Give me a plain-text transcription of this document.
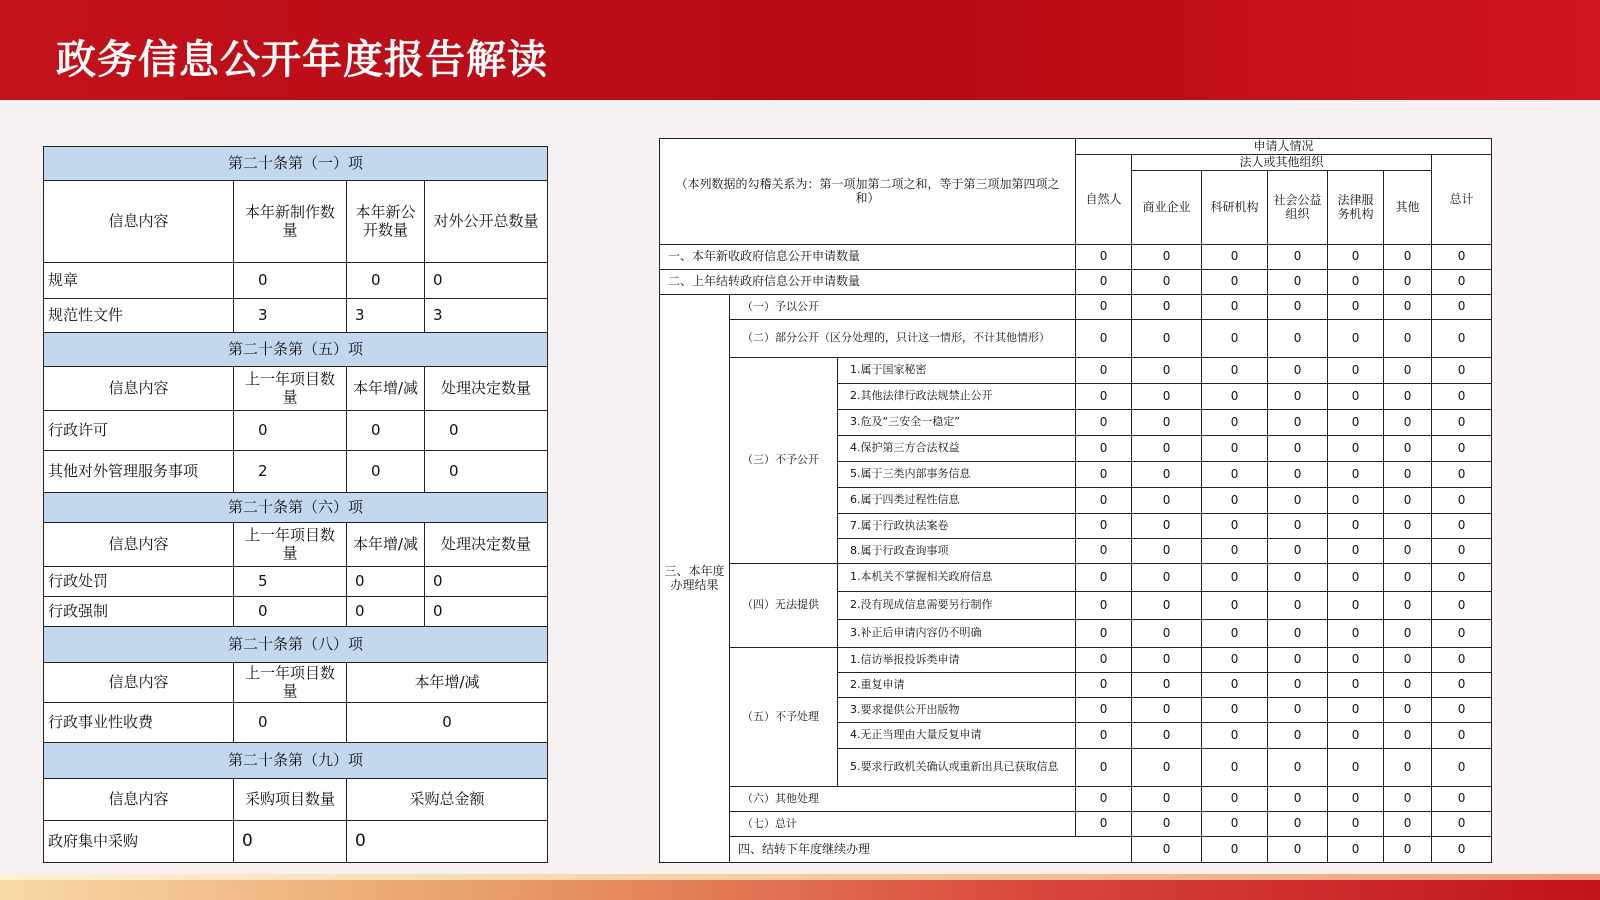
政务信息公开年度报告解读
第二十条第（一）项			
信息内容	本年新制作数量	本年新公开数量	对外公开总数量
规章	0	0	0
规范性文件	3	3	3
第二十条第（五）项			
信息内容	上一年项目数量	本年增/减	处理决定数量
行政许可	0	0	0
其他对外管理服务事项	2	0	0
第二十条第（六）项			
信息内容	上一年项目数量	本年增/减	处理决定数量
行政处罚	5	0	0
行政强制	0	0	0
第二十条第（八）项			
信息内容	上一年项目数量	本年增/减	
行政事业性收费	0	0	
第二十条第（九）项			
信息内容	采购项目数量	采购总金额	
政府集中采购	0	0	
（本列数据的勾稽关系为：第一项加第二项之和，等于第三项加第四项之和）			申请人情况							
			自然人	法人或其他组织					总计	
				商业企业	科研机构	社会公益组织	法律服务机构	其他		
一、本年新收政府信息公开申请数量			0	0	0	0	0	0	0	
二、上年结转政府信息公开申请数量			0	0	0	0	0	0	0	
三、本年度办理结果	（一）予以公开		0	0	0	0	0	0	0	
	（二）部分公开（区分处理的，只计这一情形，不计其他情形）		0	0	0	0	0	0	0	
	（三）不予公开	1.属于国家秘密	0	0	0	0	0	0	0	
		2.其他法律行政法规禁止公开	0	0	0	0	0	0	0	
		3.危及“三安全一稳定”	0	0	0	0	0	0	0	
		4.保护第三方合法权益	0	0	0	0	0	0	0	
		5.属于三类内部事务信息	0	0	0	0	0	0	0	
		6.属于四类过程性信息	0	0	0	0	0	0	0	
		7.属于行政执法案卷	0	0	0	0	0	0	0	
		8.属于行政查询事项	0	0	0	0	0	0	0	
	（四）无法提供	1.本机关不掌握相关政府信息	0	0	0	0	0	0	0	
		2.没有现成信息需要另行制作	0	0	0	0	0	0	0	
		3.补正后申请内容仍不明确	0	0	0	0	0	0	0	
	（五）不予处理	1.信访举报投诉类申请	0	0	0	0	0	0	0	
		2.重复申请	0	0	0	0	0	0	0	
		3.要求提供公开出版物	0	0	0	0	0	0	0	
		4.无正当理由大量反复申请	0	0	0	0	0	0	0	
		5.要求行政机关确认或重新出具已获取信息	0	0	0	0	0	0	0	
	（六）其他处理		0	0	0	0	0	0	0	
	（七）总计		0	0	0	0	0	0	0	
	四、结转下年度继续办理			0	0	0	0	0	0	
